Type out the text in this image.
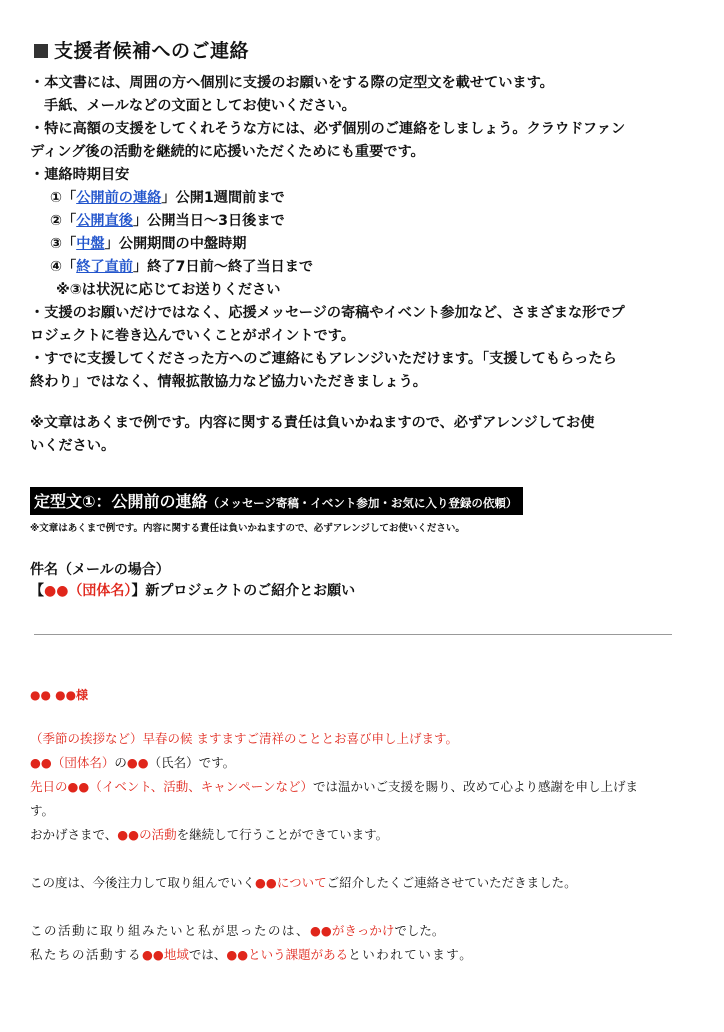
支援者候補へのご連絡
・本文書には、周囲の方へ個別に支援のお願いをする際の定型文を載せています。
手紙、メールなどの文面としてお使いください。
・特に高額の支援をしてくれそうな方には、必ず個別のご連絡をしましょう。クラウドファン
ディング後の活動を継続的に応援いただくためにも重要です。
・連絡時期目安
①「公開前の連絡」公開1週間前まで
②「公開直後」公開当日〜3日後まで
③「中盤」公開期間の中盤時期
④「終了直前」終了7日前〜終了当日まで
※③は状況に応じてお送りください
・支援のお願いだけではなく、応援メッセージの寄稿やイベント参加など、さまざまな形でプ
ロジェクトに巻き込んでいくことがポイントです。
・すでに支援してくださった方へのご連絡にもアレンジいただけます。「支援してもらったら
終わり」ではなく、情報拡散協力など協力いただきましょう。
※文章はあくまで例です。内容に関する責任は負いかねますので、必ずアレンジしてお使
いください。
定型文①：公開前の連絡（メッセージ寄稿・イベント参加・お気に入り登録の依頼）
※文章はあくまで例です。内容に関する責任は負いかねますので、必ずアレンジしてお使いください。
件名（メールの場合）
【●●（団体名）】新プロジェクトのご紹介とお願い
●● ●●様
（季節の挨拶など）早春の候 ますますご清祥のこととお喜び申し上げます。
●●（団体名）の●●（氏名）です。
先日の●●（イベント、活動、キャンペーンなど）では温かいご支援を賜り、改めて心より感謝を申し上げま
す。
おかげさまで、●●の活動を継続して行うことができています。
この度は、今後注力して取り組んでいく●●についてご紹介したくご連絡させていただきました。
この活動に取り組みたいと私が思ったのは、●●がきっかけでした。
私たちの活動する●●地域では、●●という課題があるといわれています。
